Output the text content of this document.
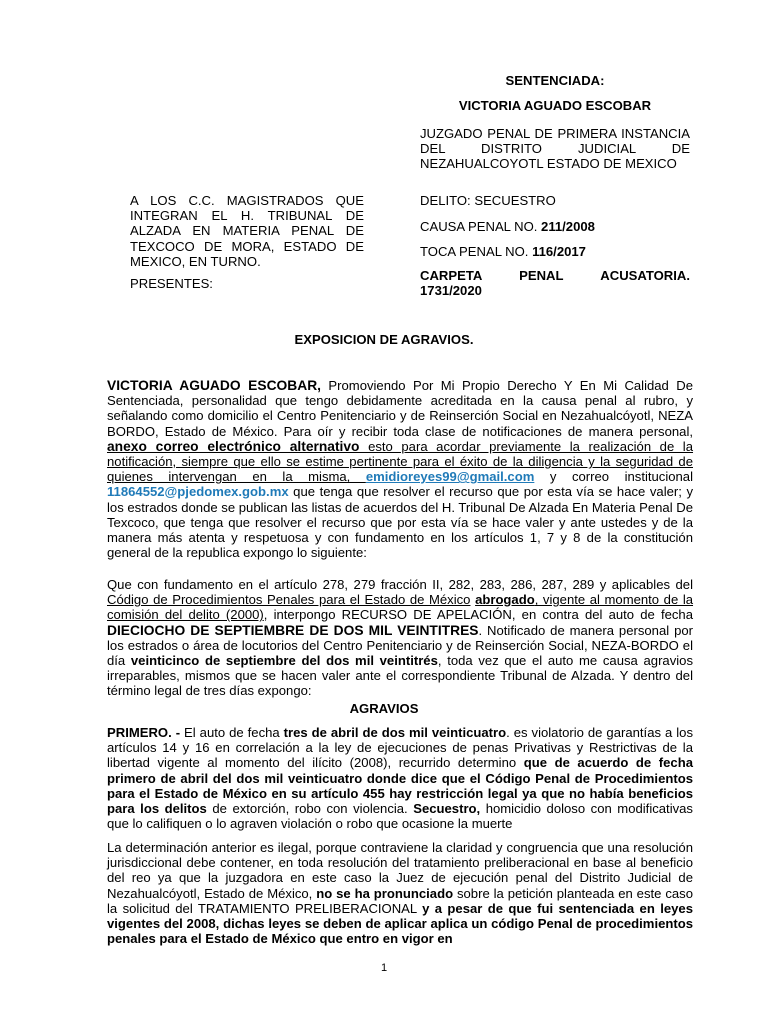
SENTENCIADA:
VICTORIA AGUADO ESCOBAR
JUZGADO PENAL DE PRIMERA INSTANCIA DEL DISTRITO JUDICIAL DE NEZAHUALCOYOTL ESTADO DE MEXICO
DELITO: SECUESTRO
CAUSA PENAL NO. 211/2008
TOCA PENAL NO. 116/2017
CARPETA	PENAL	ACUSATORIA.
1731/2020
A LOS C.C. MAGISTRADOS QUE INTEGRAN EL H. TRIBUNAL DE ALZADA EN MATERIA PENAL DE TEXCOCO DE MORA, ESTADO DE MEXICO, EN TURNO.
PRESENTES:
EXPOSICION DE AGRAVIOS.
VICTORIA AGUADO ESCOBAR, Promoviendo Por Mi Propio Derecho Y En Mi Calidad De Sentenciada, personalidad que tengo debidamente acreditada en la causa penal al rubro, y señalando como domicilio el Centro Penitenciario y de Reinserción Social en Nezahualcóyotl, NEZA BORDO, Estado de México. Para oír y recibir toda clase de notificaciones de manera personal, anexo correo electrónico alternativo esto para acordar previamente la realización de la notificación, siempre que ello se estime pertinente para el éxito de la diligencia y la seguridad de quienes intervengan en la misma, emidioreyes99@gmail.com y correo institucional 11864552@pjedomex.gob.mx que tenga que resolver el recurso que por esta vía se hace valer; y los estrados donde se publican las listas de acuerdos del H. Tribunal De Alzada En Materia Penal De Texcoco, que tenga que resolver el recurso que por esta vía se hace valer y ante ustedes y de la manera más atenta y respetuosa y con fundamento en los artículos 1, 7 y 8 de la constitución general de la republica expongo lo siguiente:
Que con fundamento en el artículo 278, 279 fracción II, 282, 283, 286, 287, 289 y aplicables del Código de Procedimientos Penales para el Estado de México abrogado, vigente al momento de la comisión del delito (2000), interpongo RECURSO DE APELACIÓN, en contra del auto de fecha DIECIOCHO DE SEPTIEMBRE DE DOS MIL VEINTITRES. Notificado de manera personal por los estrados o área de locutorios del Centro Penitenciario y de Reinserción Social, NEZA-BORDO el día veinticinco de septiembre del dos mil veintitrés, toda vez que el auto me causa agravios irreparables, mismos que se hacen valer ante el correspondiente Tribunal de Alzada. Y dentro del término legal de tres días expongo:
AGRAVIOS
PRIMERO. - El auto de fecha tres de abril de dos mil veinticuatro. es violatorio de garantías a los artículos 14 y 16 en correlación a la ley de ejecuciones de penas Privativas y Restrictivas de la libertad vigente al momento del ilícito (2008), recurrido determino que de acuerdo de fecha primero de abril del dos mil veinticuatro donde dice que el Código Penal de Procedimientos para el Estado de México en su artículo 455 hay restricción legal ya que no había beneficios para los delitos de extorción, robo con violencia. Secuestro, homicidio doloso con modificativas que lo califiquen o lo agraven violación o robo que ocasione la muerte
La determinación anterior es ilegal, porque contraviene la claridad y congruencia que una resolución jurisdiccional debe contener, en toda resolución del tratamiento preliberacional en base al beneficio del reo ya que la juzgadora en este caso la Juez de ejecución penal del Distrito Judicial de Nezahualcóyotl, Estado de México, no se ha pronunciado sobre la petición planteada en este caso la solicitud del TRATAMIENTO PRELIBERACIONAL y a pesar de que fui sentenciada en leyes vigentes del 2008, dichas leyes se deben de aplicar aplica un código Penal de procedimientos penales para el Estado de México que entro en vigor en
1
